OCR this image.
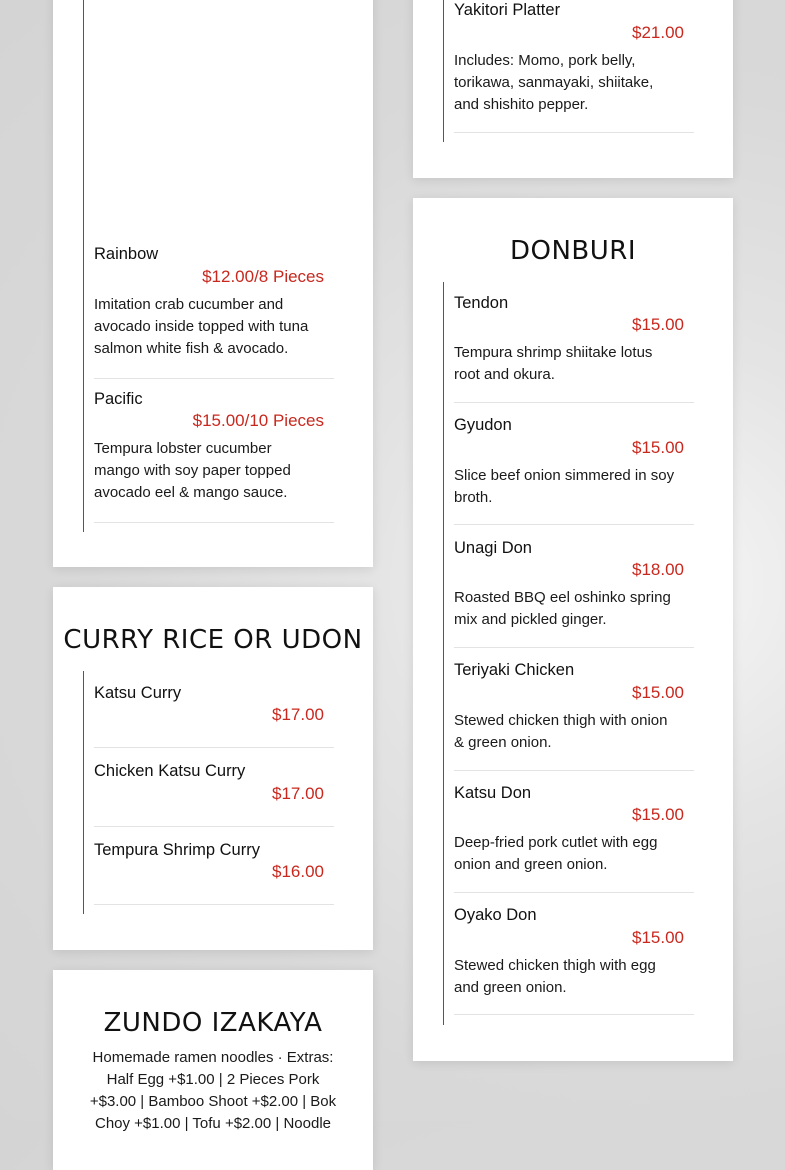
Rainbow
$12.00/8 Pieces
Imitation crab cucumber and avocado inside topped with tuna salmon white fish & avocado.
Pacific
$15.00/10 Pieces
Tempura lobster cucumber mango with soy paper topped avocado eel & mango sauce.
CURRY RICE OR UDON
Katsu Curry
$17.00
Chicken Katsu Curry
$17.00
Tempura Shrimp Curry
$16.00
ZUNDO IZAKAYA
Homemade ramen noodles · Extras: Half Egg +$1.00 | 2 Pieces Pork +$3.00 | Bamboo Shoot +$2.00 | Bok Choy +$1.00 | Tofu +$2.00 | Noodle
Yakitori Platter
$21.00
Includes: Momo, pork belly, torikawa, sanmayaki, shiitake, and shishito pepper.
DONBURI
Tendon
$15.00
Tempura shrimp shiitake lotus root and okura.
Gyudon
$15.00
Slice beef onion simmered in soy broth.
Unagi Don
$18.00
Roasted BBQ eel oshinko spring mix and pickled ginger.
Teriyaki Chicken
$15.00
Stewed chicken thigh with onion & green onion.
Katsu Don
$15.00
Deep-fried pork cutlet with egg onion and green onion.
Oyako Don
$15.00
Stewed chicken thigh with egg and green onion.
